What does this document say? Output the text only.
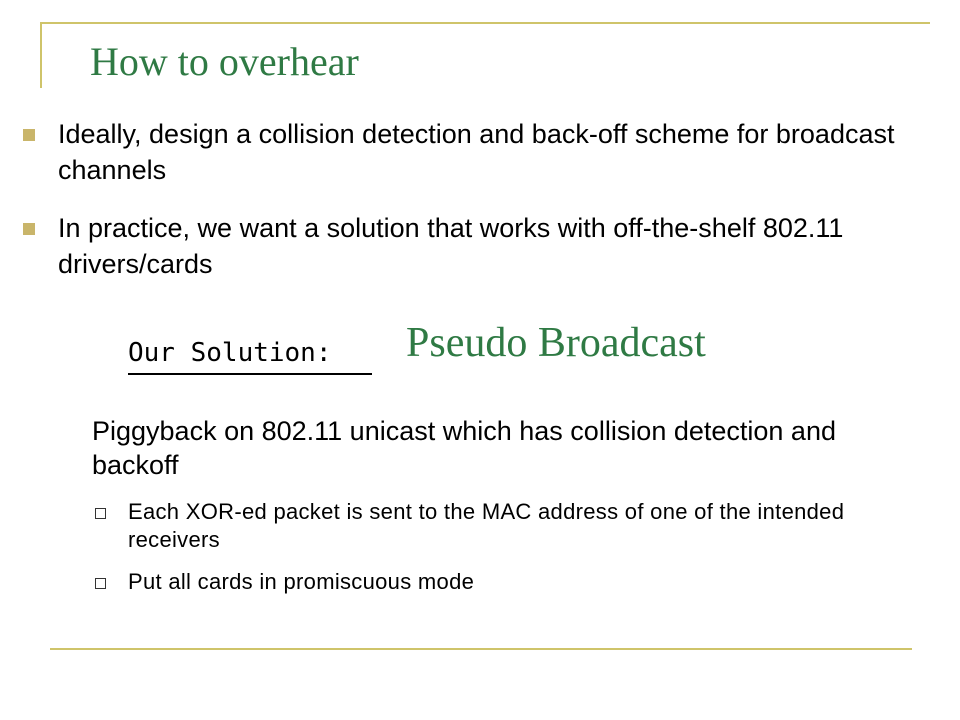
How to overhear
Ideally, design a collision detection and back-off scheme for broadcast channels
In practice, we want a solution that works with off-the-shelf 802.11 drivers/cards
Our Solution: Pseudo Broadcast
Piggyback on 802.11 unicast which has collision detection and backoff
Each XOR-ed packet is sent to the MAC address of one of the intended receivers
Put all cards in promiscuous mode
